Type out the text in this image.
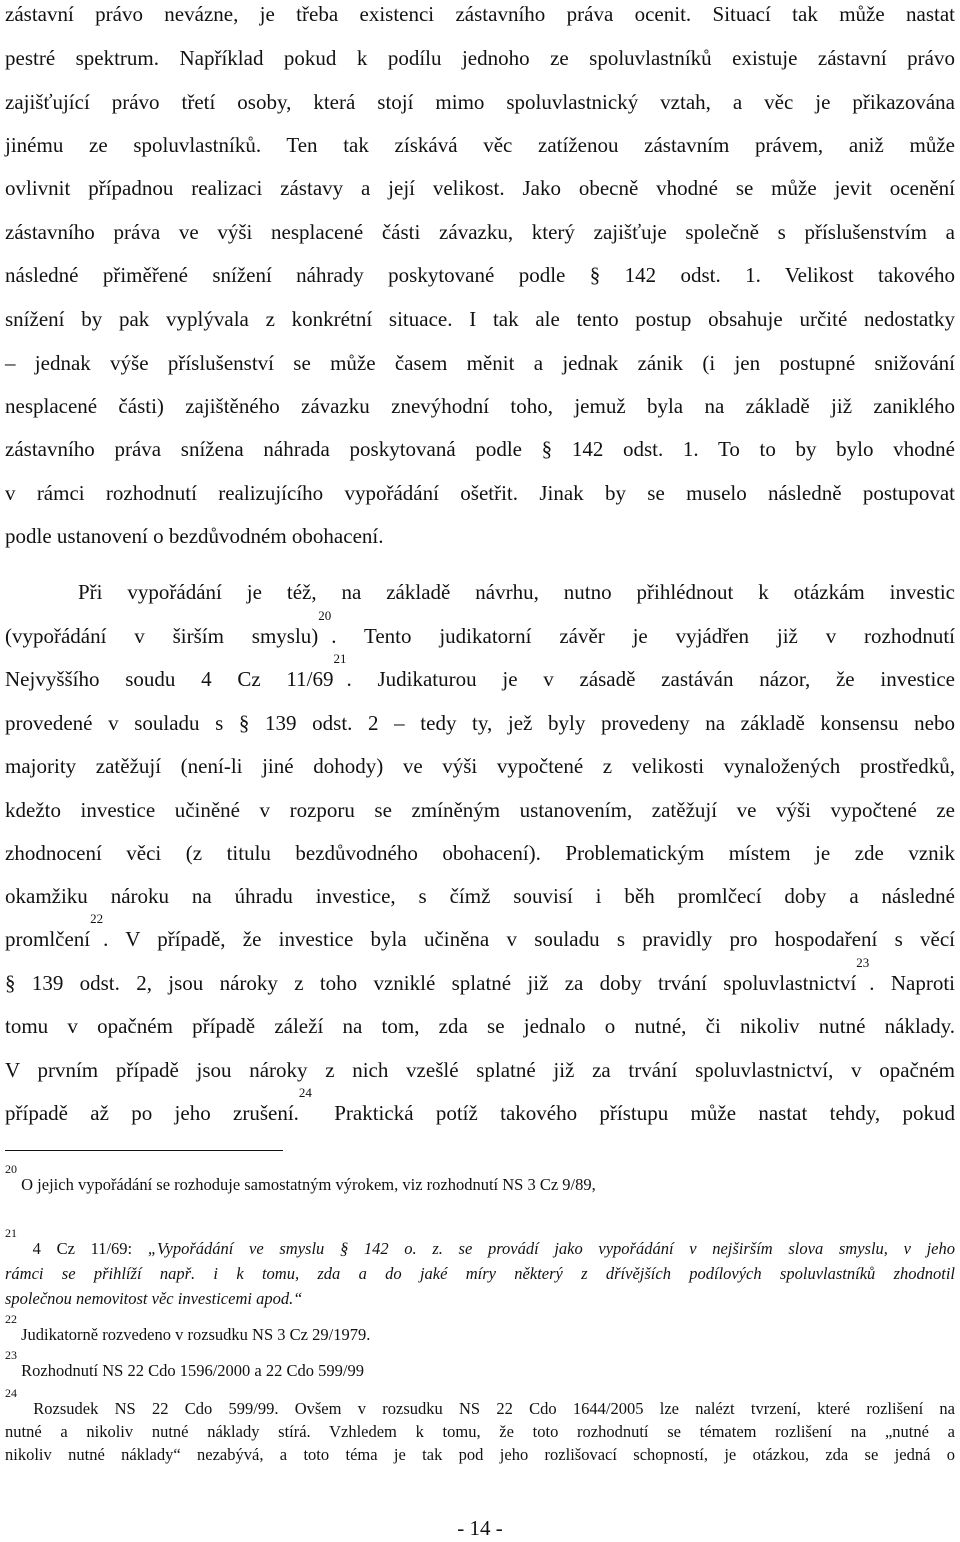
zástavní právo nevázne, je třeba existenci zástavního práva ocenit. Situací tak může nastat
pestré spektrum. Například pokud k podílu jednoho ze spoluvlastníků existuje zástavní právo
zajišťující právo třetí osoby, která stojí mimo spoluvlastnický vztah, a věc je přikazována
jinému ze spoluvlastníků. Ten tak získává věc zatíženou zástavním právem, aniž může
ovlivnit případnou realizaci zástavy a její velikost. Jako obecně vhodné se může jevit ocenění
zástavního práva ve výši nesplacené části závazku, který zajišťuje společně s příslušenstvím a
následné přiměřené snížení náhrady poskytované podle § 142 odst. 1. Velikost takového
snížení by pak vyplývala z konkrétní situace. I tak ale tento postup obsahuje určité nedostatky
– jednak výše příslušenství se může časem měnit a jednak zánik (i jen postupné snižování
nesplacené části) zajištěného závazku znevýhodní toho, jemuž byla na základě již zaniklého
zástavního práva snížena náhrada poskytovaná podle § 142 odst. 1. To to by bylo vhodné
v rámci rozhodnutí realizujícího vypořádání ošetřit. Jinak by se muselo následně postupovat
podle ustanovení o bezdůvodném obohacení.
Při vypořádání je též, na základě návrhu, nutno přihlédnout k otázkám investic
(vypořádání v širším smyslu)$^{20}$. Tento judikatorní závěr je vyjádřen již v rozhodnutí
Nejvyššího soudu 4 Cz $11/69^{21}$. Judikaturou je v zásadě zastáván názor, že investice
provedené v souladu s § 139 odst. 2 – tedy ty, jež byly provedeny na základě konsensu nebo
majority zatěžují (není-li jiné dohody) ve výši vypočtené z velikosti vynaložených prostředků,
kdežto investice učiněné v rozporu se zmíněným ustanovením, zatěžují ve výši vypočtené ze
zhodnocení věci (z titulu bezdůvodného obohacení). Problematickým místem je zde vznik
okamžiku nároku na úhradu investice, s čímž souvisí i běh promlčecí doby a následné
promlčení$^{22}$. V případě, že investice byla učiněna v souladu s pravidly pro hospodaření s věcí
§ 139 odst. 2, jsou nároky z toho vzniklé splatné již za doby trvání spoluvlastnictví$^{23}$. Naproti
tomu v opačném případě záleží na tom, zda se jednalo o nutné, či nikoliv nutné náklady.
V prvním případě jsou nároky z nich vzešlé splatné již za trvání spoluvlastnictví, v opačném
případě až po jeho zrušení.$^{24}$ Praktická potíž takového přístupu může nastat tehdy, pokud
$^{20}$ O jejich vypořádání se rozhoduje samostatným výrokem, viz rozhodnutí NS 3 Cz 9/89,
$^{21}$ 4 Cz 11/69: „Vypořádání ve smyslu § 142 o. z. se provádí jako vypořádání v nejširším slova smyslu, v jeho
rámci se přihlíží např. i k tomu, zda a do jaké míry některý z dřívějších podílových spoluvlastníků zhodnotil
společnou nemovitost věc investicemi apod.“
$^{22}$ Judikatorně rozvedeno v rozsudku NS 3 Cz 29/1979.
$^{23}$ Rozhodnutí NS 22 Cdo 1596/2000 a 22 Cdo 599/99
$^{24}$ Rozsudek NS 22 Cdo 599/99. Ovšem v rozsudku NS 22 Cdo 1644/2005 lze nalézt tvrzení, které rozlišení na
nutné a nikoliv nutné náklady stírá. Vzhledem k tomu, že toto rozhodnutí se tématem rozlišení na „nutné a
nikoliv nutné náklady“ nezabývá, a toto téma je tak pod jeho rozlišovací schopností, je otázkou, zda se jedná o
- 14 -
